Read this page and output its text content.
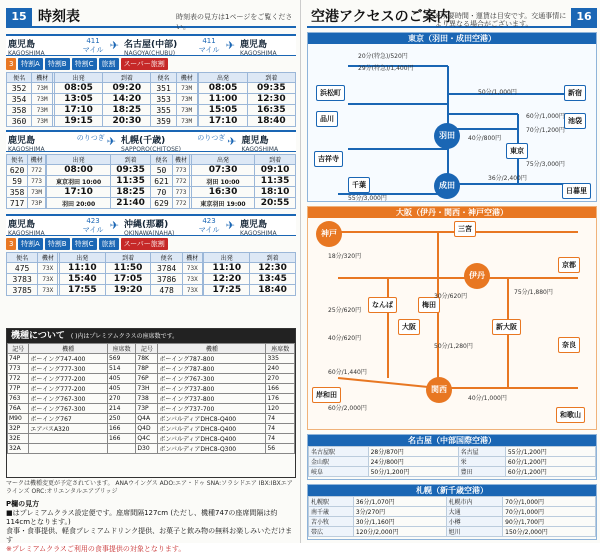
15 時刻表	時刻表の見方は1ページをご覧ください。
鹿児島
KAGOSHIMA
411
マイル ✈ 名古屋(中部)
NAGOYA(CHUBU)
411
マイル ✈ 鹿児島
KAGOSHIMA
3	特割A	特割B	特割C	旅割	スーパー旅割
便名	機材		出発	到着	便名	機材		出発	到着
352	73M		08:05	09:20	351	73M		08:05	09:35
354	73M		13:05	14:20	353	73M		11:00	12:30
358	73M		17:10	18:25	355	73M		15:05	16:35
360	73M		19:15	20:30	359	73M		17:10	18:40
鹿児島
KAGOSHIMA
のりつぎ ✈ 札幌(千歳)
SAPPORO(CHITOSE)
のりつぎ ✈ 鹿児島
KAGOSHIMA
便名	機材		出発	到着	便名	機材		出発	到着
620	772		08:00	09:35	50	773		07:30	09:10
59	773		東京羽田 10:00	11:35	621	772		羽田 10:00	11:35
358	73M		17:10	18:25	70	773		16:30	18:10
717	73P		羽田 20:00	21:40	629	772		東京羽田 19:00	20:55
鹿児島
KAGOSHIMA
423
マイル ✈ 沖縄(那覇)
OKINAWA(NAHA)
423
マイル ✈ 鹿児島
KAGOSHIMA
3	特割A	特割B	特割C	旅割	スーパー旅割
便名	機材		出発	到着	便名	機材		出発	到着
475	73X		11:10	11:50	3784	73X		11:10	12:30
3783	73X		15:40	17:05	3786	73X		12:20	13:45
3785	73X		17:55	19:20	478	73X		17:25	18:40
機種について ( )内はプレミアムクラスの座席数です。
記号	機種	座席数	記号	機種	座席数
74P	ボーイング747-400	569	78K	ボーイング787-800	335
773	ボーイング777-300	514	78P	ボーイング787-800	240
772	ボーイング777-200	405	76P	ボーイング767-300	270
77P	ボーイング777-200	405	73H	ボーイング737-800	166
763	ボーイング767-300	270	738	ボーイング737-800	176
76A	ボーイング767-300	214	73P	ボーイング737-700	120
M90	ボーイング767	250	Q4A	ボンバルディアDHC8-Q400	74
32P	エアバスA320	166	Q4D	ボンバルディアDHC8-Q400	74
32E		166	Q4C	ボンバルディアDHC8-Q400	74
32A			D30	ボンバルディアDHC8-Q300	56
マークは機種変更が予定されています。 ANAウイングス ADO:エア・ドゥ SNA:ソラシドエア IBX:IBXエアラインズ ORC:オリエンタルエアブリッジ
P欄の見方
■はプレミアムクラス設定便です。座席間隔127cm (ただし、機種747の座席間隔は約114cmとなります。)
食事・食事提供、軽食プレミアムドリンク提供、お菓子と飲み物の無料お楽しみいただけます
※プレミアムクラスご利用の食事提供の対象となります。
空港アクセスのご案内
※所要時間・運賃は目安です。交通事情により異なる場合がございます。
16
東京（羽田・成田空港）
浜松町
品川
吉祥寺
新宿
池袋
東京
千葉
日暮里
羽田
成田
20分(特急)/520円
29分(特急)/1,400円
50分/1,000円
40分/800円
60分/1,000円
70分/1,200円
75分/3,000円
36分/2,400円
55分/3,000円
大阪（伊丹・関西・神戸空港）
神戸
伊丹
関西
三宮
大阪
なんば
京都
奈良
新大阪
和歌山
岸和田
梅田
18分/320円
25分/620円
30分/620円
40分/620円
50分/1,280円
60分/1,440円
75分/1,880円
40分/1,000円
60分/2,000円
名古屋（中部国際空港）
名古屋駅	28分/870円	名古屋	55分/1,200円
金山駅	24分/800円	栄	60分/1,200円
岐阜	50分/1,200円	豊田	60分/1,200円
札幌（新千歳空港）
札幌駅	36分/1,070円	札幌市内	70分/1,000円
南千歳	3分/270円	大通	70分/1,000円
苫小牧	30分/1,160円	小樽	90分/1,700円
帯広	120分/2,000円	旭川	150分/2,000円
